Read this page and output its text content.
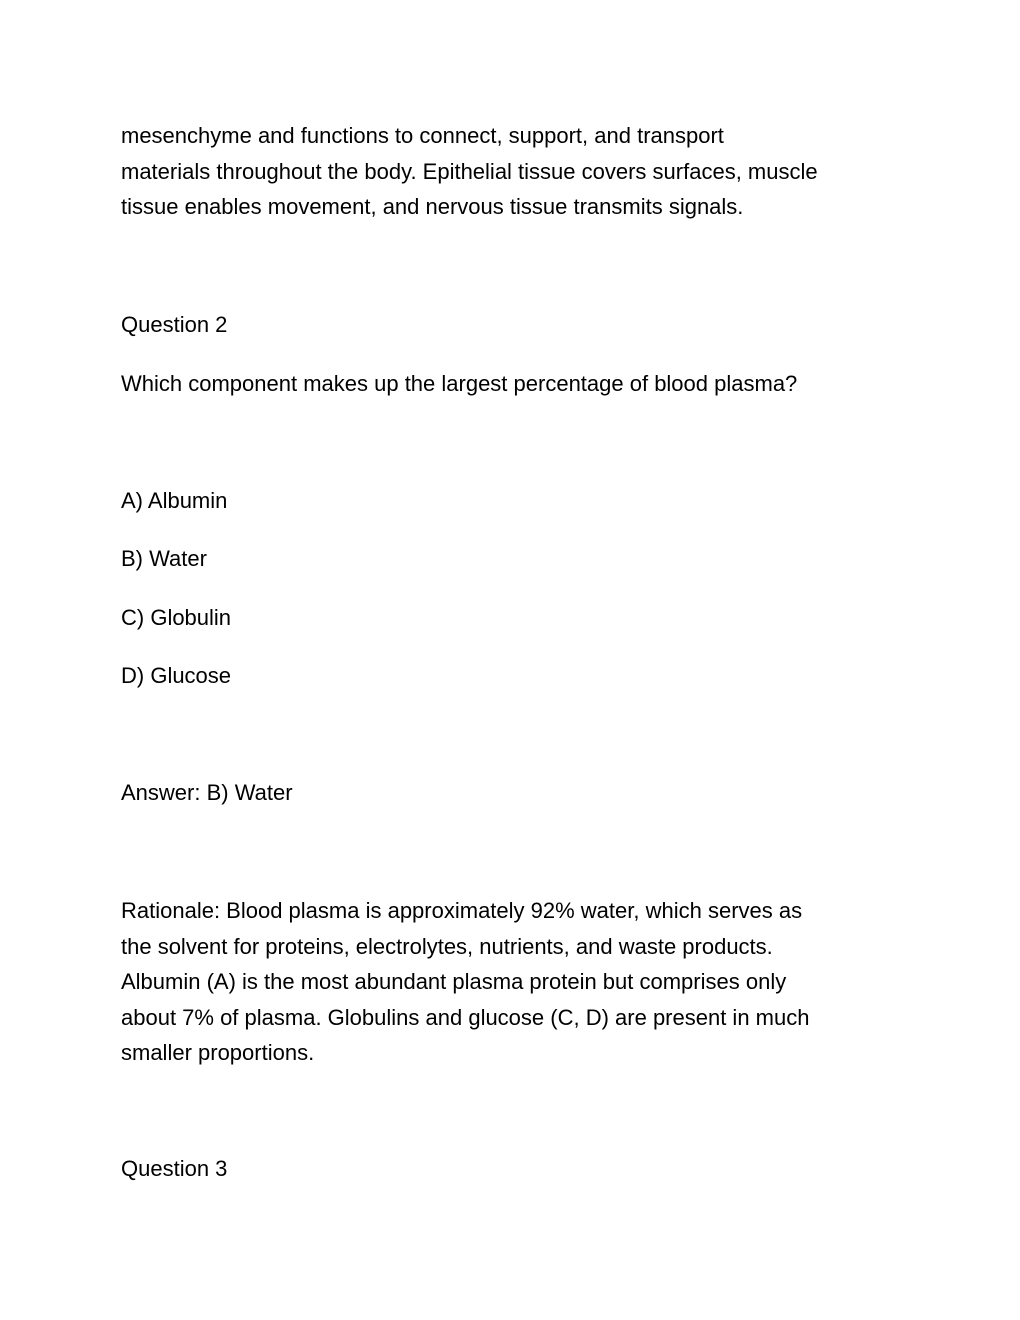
mesenchyme and functions to connect, support, and transport
materials throughout the body. Epithelial tissue covers surfaces, muscle
tissue enables movement, and nervous tissue transmits signals.

Question 2

Which component makes up the largest percentage of blood plasma?

A) Albumin

B) Water

C) Globulin

D) Glucose

Answer: B) Water

Rationale: Blood plasma is approximately 92% water, which serves as
the solvent for proteins, electrolytes, nutrients, and waste products.
Albumin (A) is the most abundant plasma protein but comprises only
about 7% of plasma. Globulins and glucose (C, D) are present in much
smaller proportions.

Question 3
